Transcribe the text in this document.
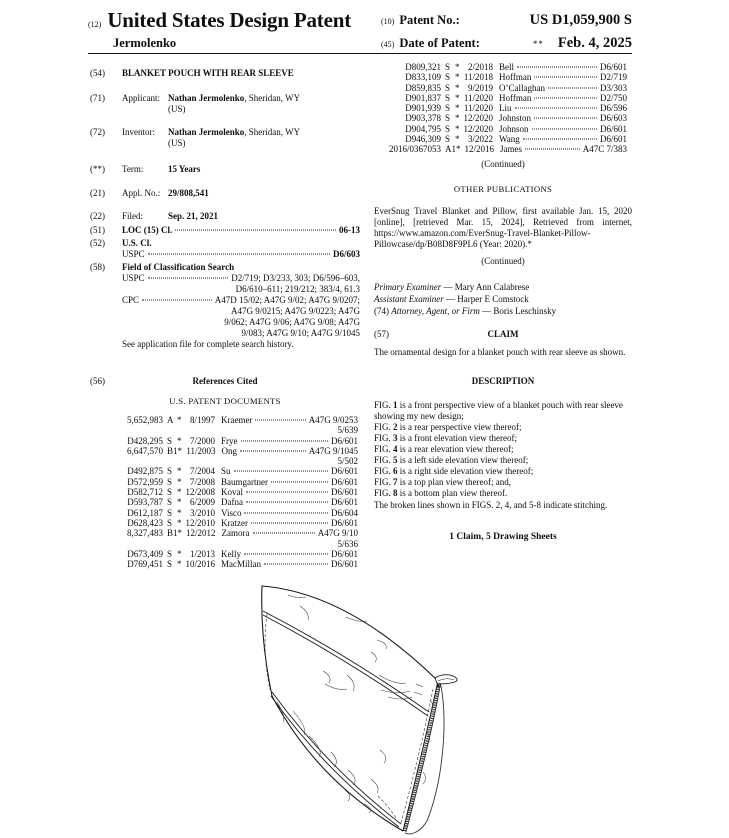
(12) United States Design Patent
Jermolenko
(10) Patent No.:	US D1,059,900 S
(45) Date of Patent:	** Feb. 4, 2025
(54)	BLANKET POUCH WITH REAR SLEEVE
(71)	Applicant: Nathan Jermolenko, Sheridan, WY
(US)
(72)	Inventor:	Nathan Jermolenko, Sheridan, WY
(US)
(**)	Term:	15 Years
(21)	Appl. No.: 29/808,541
(22)	Filed:	Sep. 21, 2021
(51)	LOC (15) Cl.	06-13
(52)	U.S. Cl.
USPC	D6/603
(58)	Field of Classification Search
USPC	D2/719; D3/233, 303; D6/596–603,
D6/610–611; 219/212; 383/4, 61.3
CPC	A47D 15/02; A47G 9/02; A47G 9/0207;
A47G 9/0215; A47G 9/0223; A47G
9/062; A47G 9/06; A47G 9/08; A47G
9/083; A47G 9/10; A47G 9/1045
See application file for complete search history.
(56)	References Cited
U.S. PATENT DOCUMENTS
5,652,983 A * 8/1997 Kraemer	A47G 9/0253
5/639
D428,295 S * 7/2000 Frye	D6/601
6,647,570 B1 * 11/2003 Ong	A47G 9/1045
5/502
D492,875 S * 7/2004 Su	D6/601
D572,959 S * 7/2008 Baumgartner	D6/601
D582,712 S * 12/2008 Koval	D6/601
D593,787 S * 6/2009 Dafna	D6/601
D612,187 S * 3/2010 Visco	D6/604
D628,423 S * 12/2010 Kratzer	D6/601
8,327,483 B1 * 12/2012 Zamora	A47G 9/10
5/636
D673,409 S * 1/2013 Kelly	D6/601
D769,451 S * 10/2016 MacMillan	D6/601
D809,321 S * 2/2018 Bell	D6/601
D833,109 S * 11/2018 Hoffman	D2/719
D859,835 S * 9/2019 O’Callaghan	D3/303
D901,837 S * 11/2020 Hoffman	D2/750
D901,939 S * 11/2020 Liu	D6/596
D903,378 S * 12/2020 Johnston	D6/603
D904,795 S * 12/2020 Johnson	D6/601
D946,309 S * 3/2022 Wang	D6/601
2016/0367053 A1 * 12/2016 James	A47C 7/383
(Continued)
OTHER PUBLICATIONS
EverSnug Travel Blanket and Pillow, first available Jan. 15, 2020 [online], [retrieved Mar. 15, 2024], Retrieved from internet, https://www.amazon.com/EverSnug-Travel-Blanket-Pillow-Pillowcase/dp/B08D8F9PL6 (Year: 2020).*
(Continued)
Primary Examiner — Mary Ann Calabrese
Assistant Examiner — Harper E Comstock
(74) Attorney, Agent, or Firm — Boris Leschinsky
(57)	CLAIM
The ornamental design for a blanket pouch with rear sleeve as shown.
DESCRIPTION
FIG. 1 is a front perspective view of a blanket pouch with rear sleeve showing my new design;
FIG. 2 is a rear perspective view thereof;
FIG. 3 is a front elevation view thereof;
FIG. 4 is a rear elevation view thereof;
FIG. 5 is a left side elevation view thereof;
FIG. 6 is a right side elevation view thereof;
FIG. 7 is a top plan view thereof; and,
FIG. 8 is a bottom plan view thereof.
The broken lines shown in FIGS. 2, 4, and 5-8 indicate stitching.
1 Claim, 5 Drawing Sheets
